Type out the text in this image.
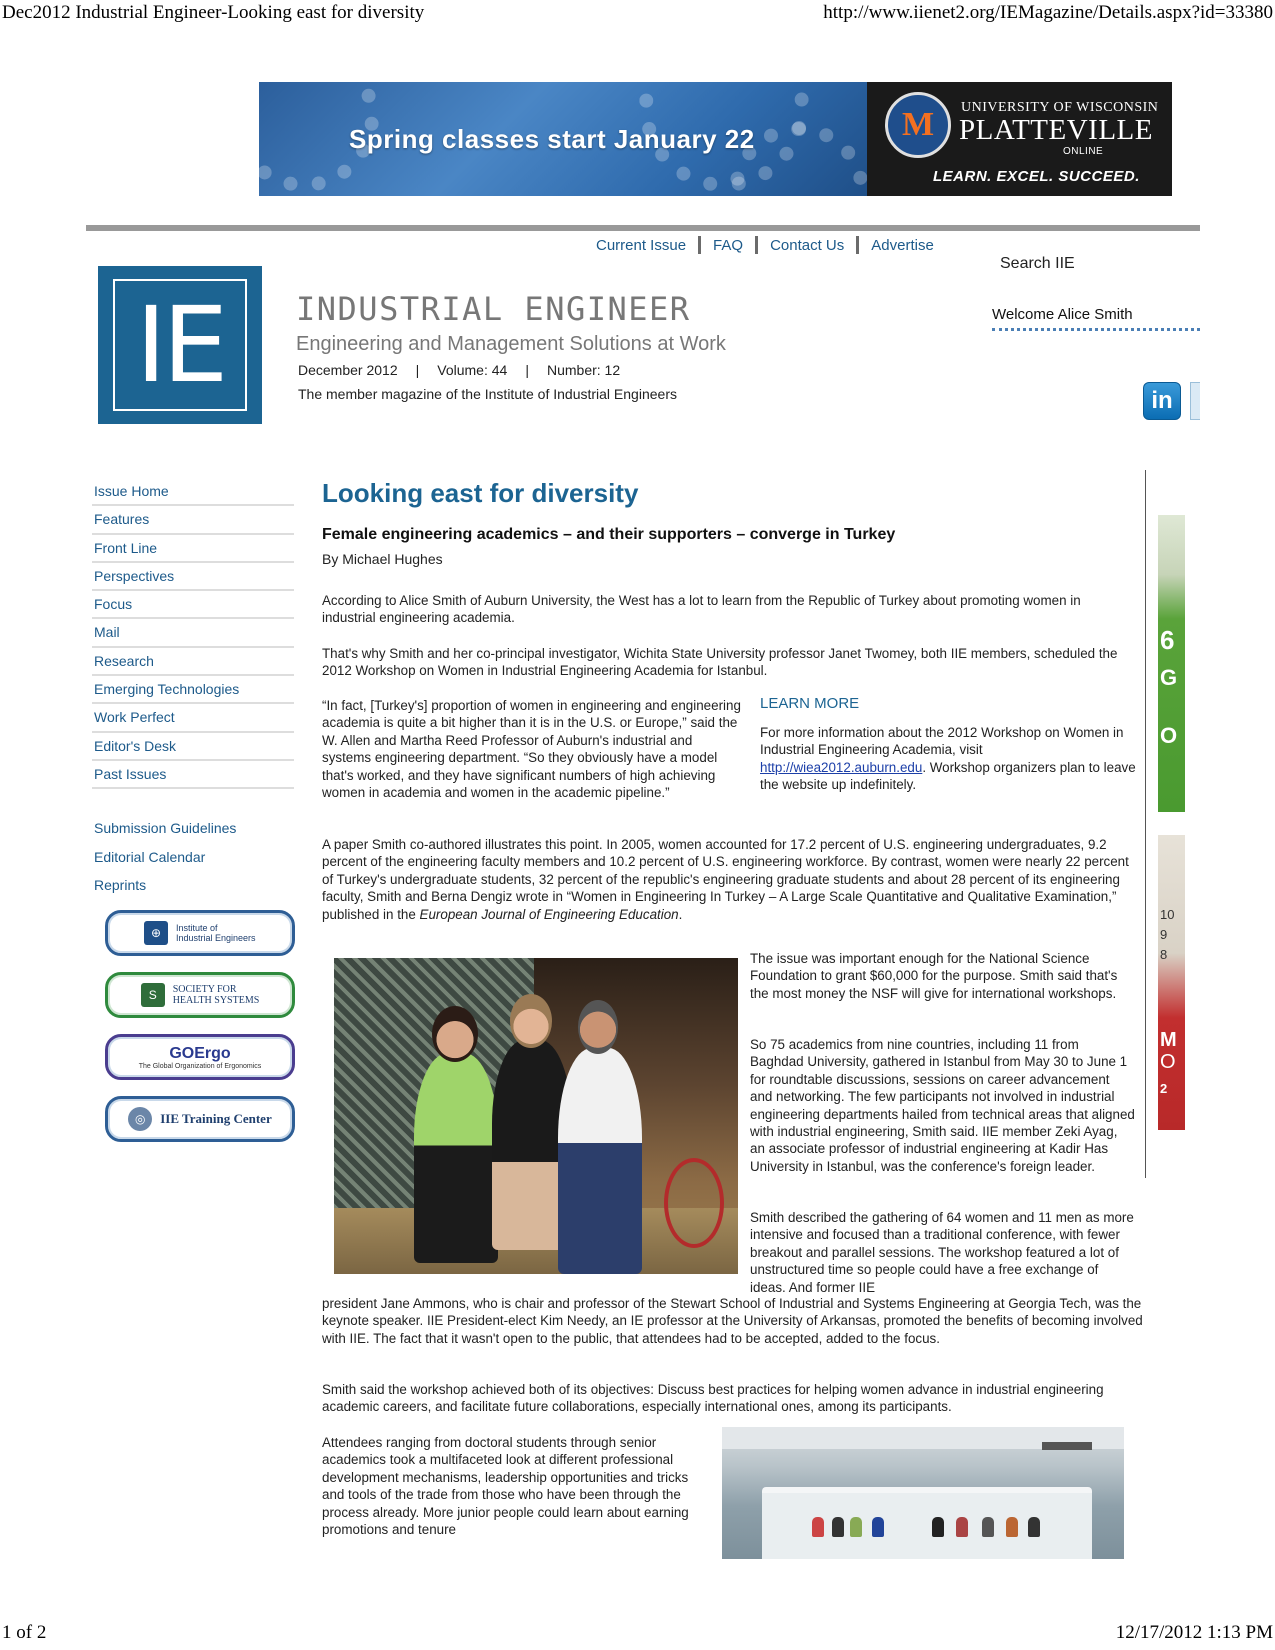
Dec2012 Industrial Engineer-Looking east for diversity	http://www.iienet2.org/IEMagazine/Details.aspx?id=33380
1 of 2	12/17/2012 1:13 PM
Spring classes start January 22	M	UNIVERSITY OF WISCONSIN
PLATTEVILLE
ONLINE
LEARN. EXCEL. SUCCEED.
Current Issue FAQ Contact Us Advertise
Search IIE
Welcome Alice Smith
in
IE	INDUSTRIAL ENGINEER
Engineering and Management Solutions at Work
December 2012 | Volume: 44 | Number: 12
The member magazine of the Institute of Industrial Engineers
Issue Home
Features
Front Line
Perspectives
Focus
Mail
Research
Emerging Technologies
Work Perfect
Editor's Desk
Past Issues
Submission Guidelines
Editorial Calendar
Reprints
⊕	Institute of Industrial Engineers
S	SOCIETY FOR
HEALTH SYSTEMS
GOErgo
The Global Organization of Ergonomics
◎	IIE Training Center
Looking east for diversity
Female engineering academics – and their supporters – converge in Turkey
By Michael Hughes

According to Alice Smith of Auburn University, the West has a lot to learn from the Republic of Turkey about promoting women in industrial engineering academia.

That's why Smith and her co-principal investigator, Wichita State University professor Janet Twomey, both IIE members, scheduled the 2012 Workshop on Women in Industrial Engineering Academia for Istanbul.

“In fact, [Turkey's] proportion of women in engineering and engineering academia is quite a bit higher than it is in the U.S. or Europe,” said the W. Allen and Martha Reed Professor of Auburn's industrial and systems engineering department. “So they obviously have a model that's worked, and they have significant numbers of high achieving women in academia and women in the academic pipeline.”

LEARN MORE

For more information about the 2012 Workshop on Women in Industrial Engineering Academia, visit http://wiea2012.auburn.edu. Workshop organizers plan to leave the website up indefinitely.

A paper Smith co-authored illustrates this point. In 2005, women accounted for 17.2 percent of U.S. engineering undergraduates, 9.2 percent of the engineering faculty members and 10.2 percent of U.S. engineering workforce. By contrast, women were nearly 22 percent of Turkey's undergraduate students, 32 percent of the republic's engineering graduate students and about 28 percent of its engineering faculty, Smith and Berna Dengiz wrote in “Women in Engineering In Turkey – A Large Scale Quantitative and Qualitative Examination,” published in the European Journal of Engineering Education.

The issue was important enough for the National Science Foundation to grant $60,000 for the purpose. Smith said that's the most money the NSF will give for international workshops.

So 75 academics from nine countries, including 11 from Baghdad University, gathered in Istanbul from May 30 to June 1 for roundtable discussions, sessions on career advancement and networking. The few participants not involved in industrial engineering departments hailed from technical areas that aligned with industrial engineering, Smith said. IIE member Zeki Ayag, an associate professor of industrial engineering at Kadir Has University in Istanbul, was the conference's foreign leader.

Smith described the gathering of 64 women and 11 men as more intensive and focused than a traditional conference, with fewer breakout and parallel sessions. The workshop featured a lot of unstructured time so people could have a free exchange of ideas. And former IIE

president Jane Ammons, who is chair and professor of the Stewart School of Industrial and Systems Engineering at Georgia Tech, was the keynote speaker. IIE President-elect Kim Needy, an IE professor at the University of Arkansas, promoted the benefits of becoming involved with IIE. The fact that it wasn't open to the public, that attendees had to be accepted, added to the focus.

Smith said the workshop achieved both of its objectives: Discuss best practices for helping women advance in industrial engineering academic careers, and facilitate future collaborations, especially international ones, among its participants.

Attendees ranging from doctoral students through senior academics took a multifaceted look at different professional development mechanisms, leadership opportunities and tricks and tools of the trade from those who have been through the process already. More junior people could learn about earning promotions and tenure

6
G
O
10
9
8
M
O
2
